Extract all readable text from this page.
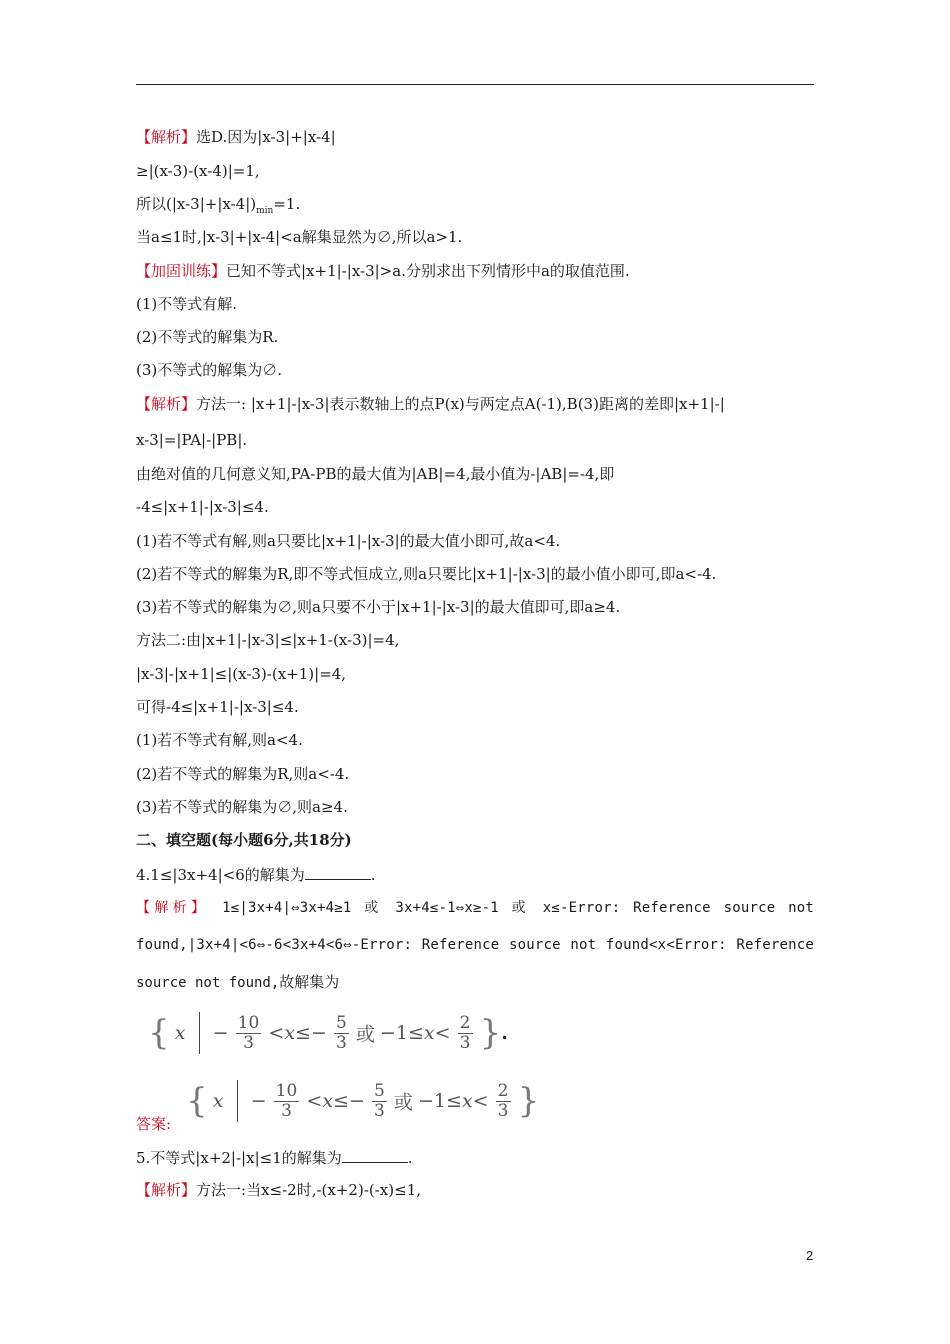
【解析】选D.因为|x-3|+|x-4|
≥|(x-3)-(x-4)|=1,
所以$(|x-3|+|x-4|)_{min}=1$.
当a≤1时,|x-3|+|x-4|<a解集显然为∅,所以a>1.
【加固训练】已知不等式|x+1|-|x-3|>a.分别求出下列情形中a的取值范围.
(1)不等式有解.
(2)不等式的解集为R.
(3)不等式的解集为∅.
【解析】方法一: |x+1|-|x-3|表示数轴上的点P(x)与两定点A(-1),B(3)距离的差即|x+1|-|
x-3|=|PA|-|PB|.
由绝对值的几何意义知,PA-PB的最大值为|AB|=4,最小值为-|AB|=-4,即
-4≤|x+1|-|x-3|≤4.
(1)若不等式有解,则a只要比|x+1|-|x-3|的最大值小即可,故a<4.
(2)若不等式的解集为R,即不等式恒成立,则a只要比|x+1|-|x-3|的最小值小即可,即a<-4.
(3)若不等式的解集为∅,则a只要不小于|x+1|-|x-3|的最大值即可,即a≥4.
方法二:由|x+1|-|x-3|≤|x+1-(x-3)|=4,
|x-3|-|x+1|≤|(x-3)-(x+1)|=4,
可得-4≤|x+1|-|x-3|≤4.
(1)若不等式有解,则a<4.
(2)若不等式的解集为R,则a<-4.
(3)若不等式的解集为∅,则a≥4.
二、填空题(每小题6分,共18分)
4.1≤|3x+4|<6的解集为	.
【解析】 1≤|3x+4|⇔3x+4≥1 或 3x+4≤-1⇔x≥-1 或 x≤-Error: Reference source not
found,|3x+4|<6⇔-6<3x+4<6⇔-Error: Reference source not found<x<Error: Reference
source not found,故解集为
{ $x - \frac{10}{3} <x\le- \frac{5}{3}$ 或 $-1\le x< \frac{2}{3}$ }.
答案:
{ $x - \frac{10}{3} <x\le- \frac{5}{3}$ 或 $-1\le x< \frac{2}{3}$ }
5.不等式|x+2|-|x|≤1的解集为	.
【解析】方法一:当x≤-2时,-(x+2)-(-x)≤1,
2
